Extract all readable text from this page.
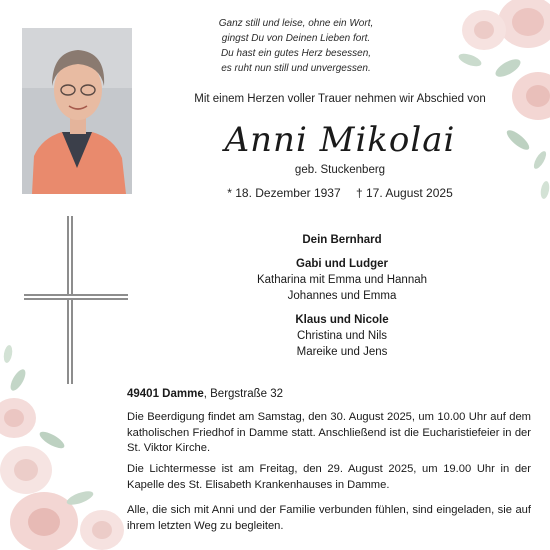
Ganz still und leise, ohne ein Wort,
gingst Du von Deinen Lieben fort.
Du hast ein gutes Herz besessen,
es ruht nun still und unvergessen.
Mit einem Herzen voller Trauer nehmen wir Abschied von
Anni Mikolai
geb. Stuckenberg
* 18. Dezember 1937 † 17. August 2025
Dein Bernhard
Gabi und Ludger
Katharina mit Emma und Hannah
Johannes und Emma
Klaus und Nicole
Christina und Nils
Mareike und Jens
49401 Damme, Bergstraße 32
Die Beerdigung findet am Samstag, den 30. August 2025, um 10.00 Uhr auf dem katholischen Friedhof in Damme statt. Anschließend ist die Eucharistiefeier in der St. Viktor Kirche.
Die Lichtermesse ist am Freitag, den 29. August 2025, um 19.00 Uhr in der Kapelle des St. Elisabeth Krankenhauses in Damme.
Alle, die sich mit Anni und der Familie verbunden fühlen, sind eingeladen, sie auf ihrem letzten Weg zu begleiten.
